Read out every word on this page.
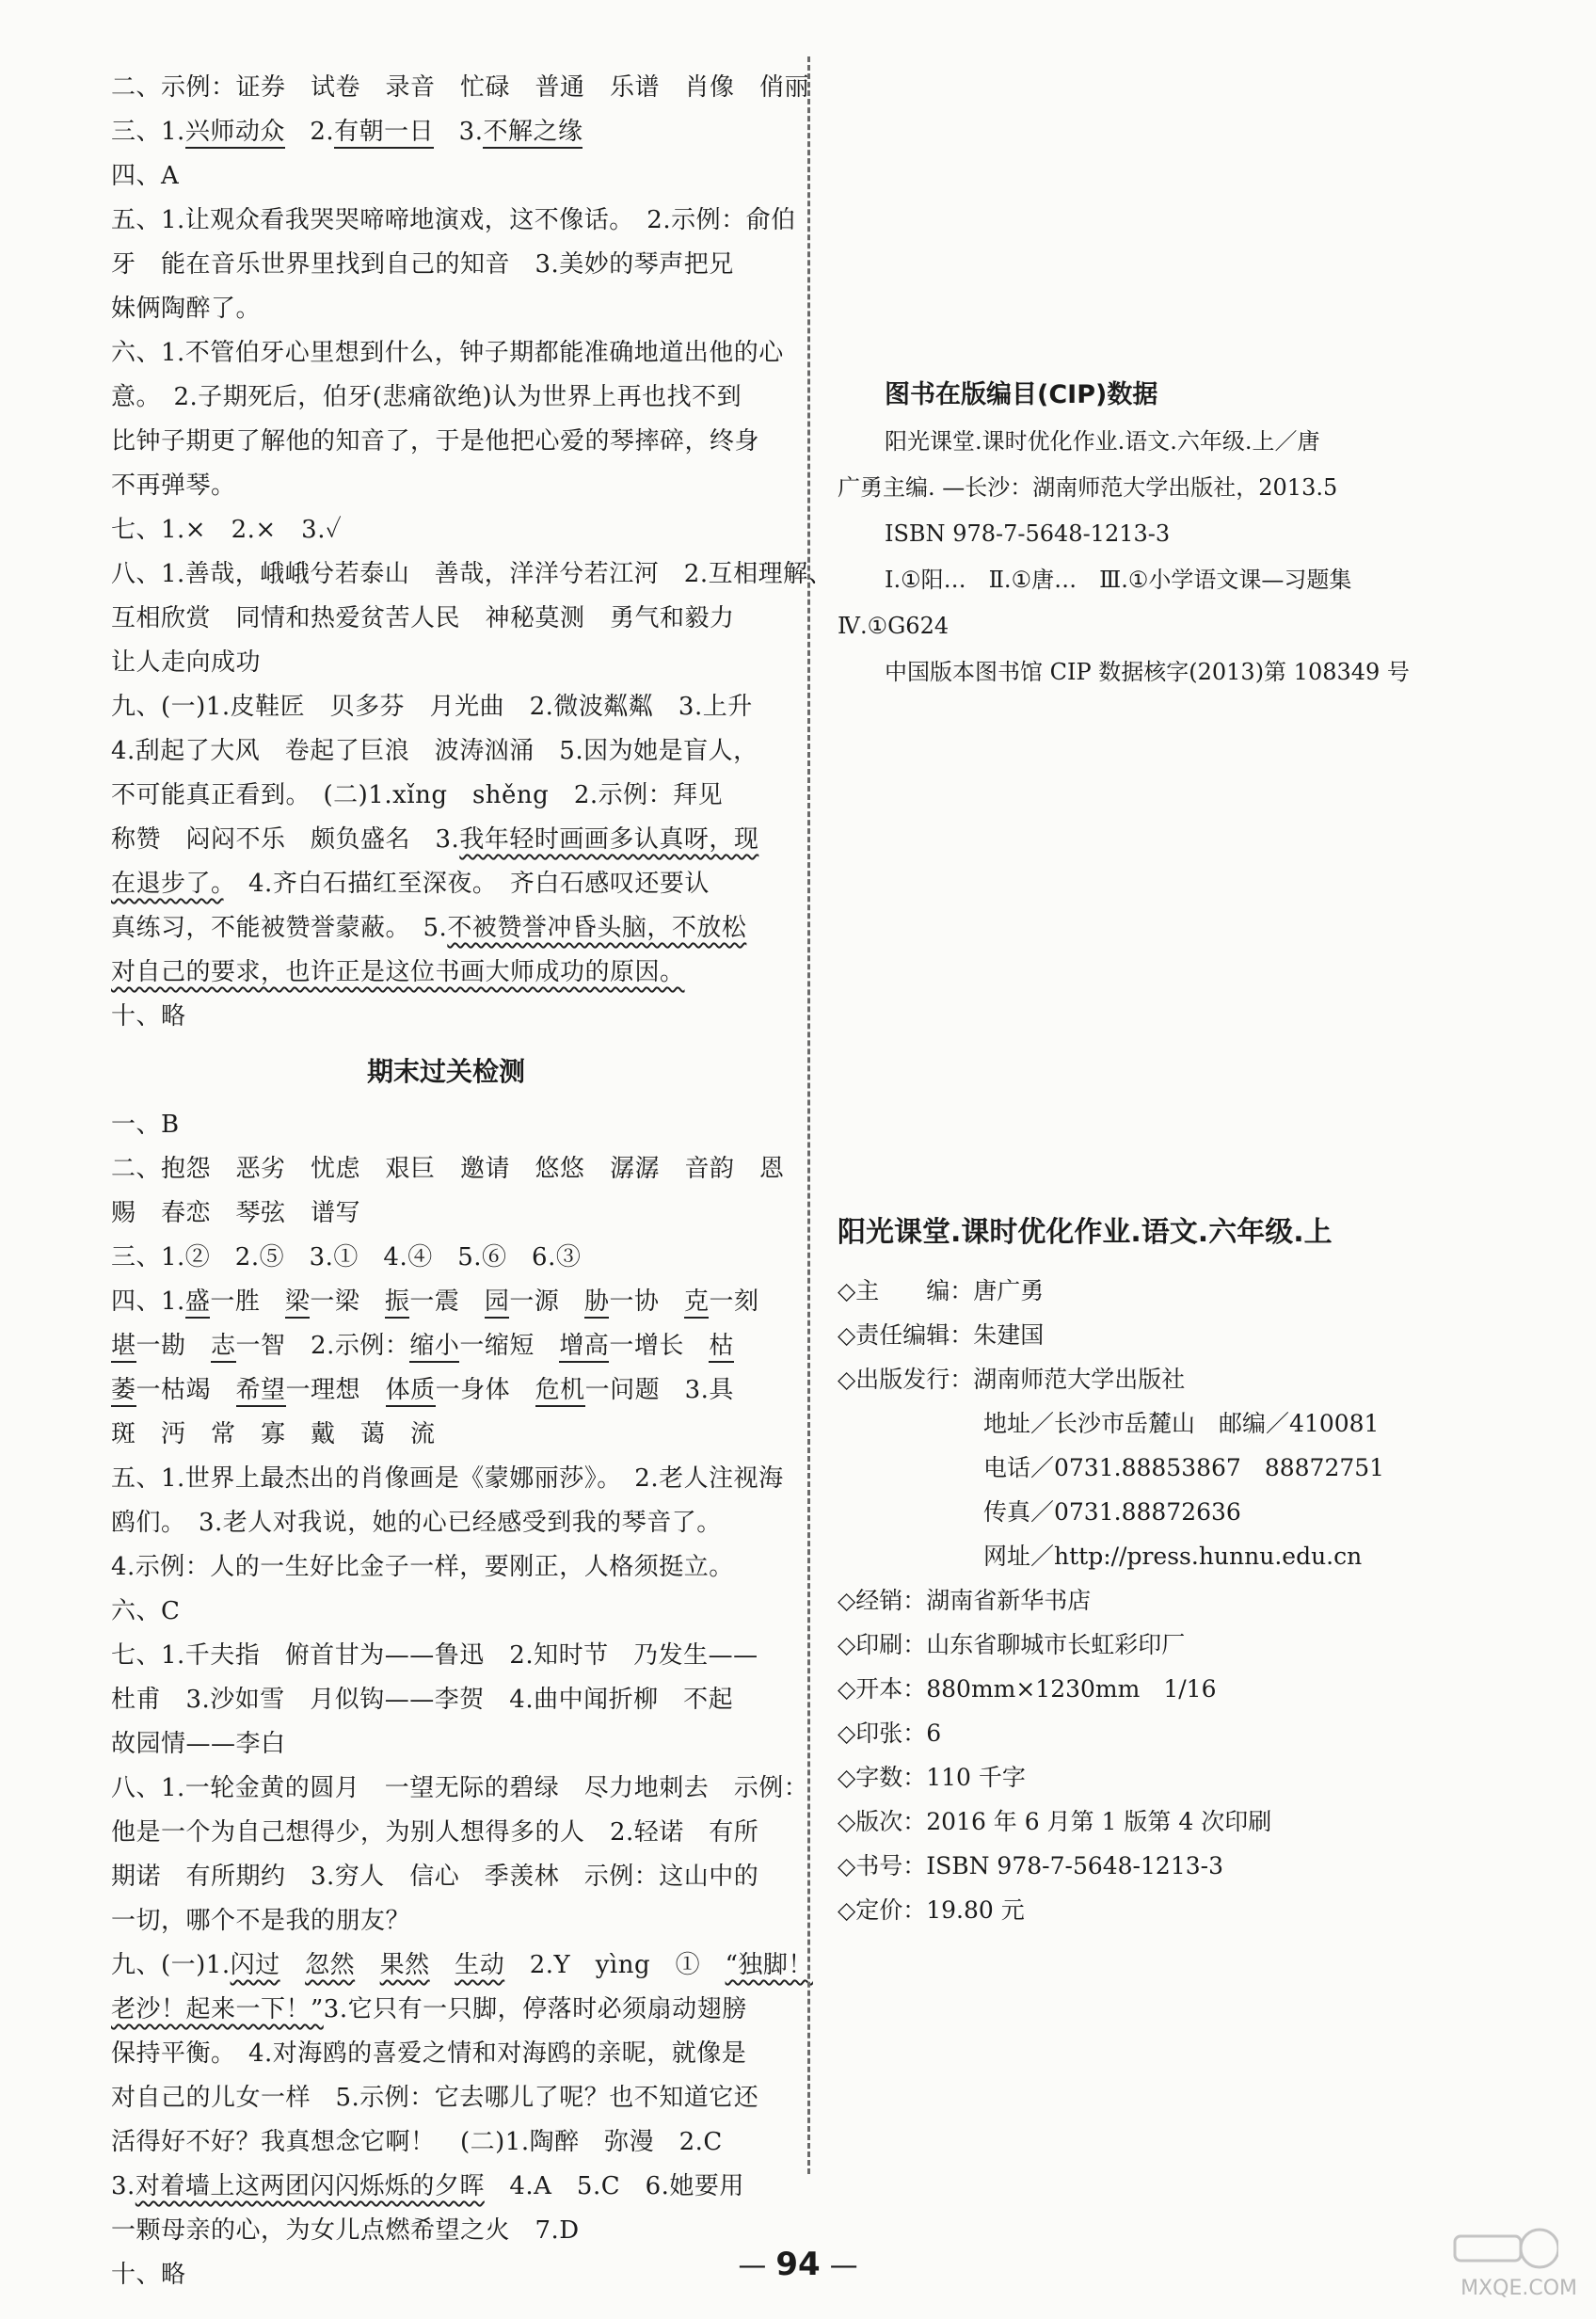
二、示例：证券　试卷　录音　忙碌　普通　乐谱　肖像　俏丽
三、1.兴师动众　2.有朝一日　3.不解之缘
四、A
五、1.让观众看我哭哭啼啼地演戏，这不像话。　2.示例：俞伯
牙　能在音乐世界里找到自己的知音　3.美妙的琴声把兄
妹俩陶醉了。
六、1.不管伯牙心里想到什么，钟子期都能准确地道出他的心
意。　2.子期死后，伯牙(悲痛欲绝)认为世界上再也找不到
比钟子期更了解他的知音了，于是他把心爱的琴摔碎，终身
不再弹琴。
七、1.×　2.×　3.✓
八、1.善哉，峨峨兮若泰山　善哉，洋洋兮若江河　2.互相理解、
互相欣赏　同情和热爱贫苦人民　神秘莫测　勇气和毅力
让人走向成功
九、(一)1.皮鞋匠　贝多芬　月光曲　2.微波粼粼　3.上升
4.刮起了大风　卷起了巨浪　波涛汹涌　5.因为她是盲人，
不可能真正看到。　(二)1.xǐng　shěng　2.示例：拜见
称赞　闷闷不乐　颇负盛名　3.我年轻时画画多认真呀，现
在退步了。　4.齐白石描红至深夜。　齐白石感叹还要认
真练习，不能被赞誉蒙蔽。　5.不被赞誉冲昏头脑，不放松
对自己的要求，也许正是这位书画大师成功的原因。
十、略
期末过关检测
一、B
二、抱怨　恶劣　忧虑　艰巨　邀请　悠悠　潺潺　音韵　恩
赐　春恋　琴弦　谱写
三、1.②　2.⑤　3.①　4.④　5.⑥　6.③
四、1.盛一胜　梁一梁　振一震　园一源　胁一协　克一刻
堪一勘　志一智　2.示例：缩小一缩短　增高一增长　枯
萎一枯竭　希望一理想　体质一身体　危机一问题　3.具
斑　沔　常　寡　戴　蔼　流
五、1.世界上最杰出的肖像画是《蒙娜丽莎》。　2.老人注视海
鸥们。　3.老人对我说，她的心已经感受到我的琴音了。
4.示例：人的一生好比金子一样，要刚正，人格须挺立。
六、C
七、1.千夫指　俯首甘为——鲁迅　2.知时节　乃发生——
杜甫　3.沙如雪　月似钩——李贺　4.曲中闻折柳　不起
故园情——李白
八、1.一轮金黄的圆月　一望无际的碧绿　尽力地刺去　示例：
他是一个为自己想得少，为别人想得多的人　2.轻诺　有所
期诺　有所期约　3.穷人　信心　季羡林　示例：这山中的
一切，哪个不是我的朋友？
九、(一)1.闪过　 忽然　 果然　 生动　2.Y　yìng　①　“独脚！
老沙！起来一下！”3.它只有一只脚，停落时必须扇动翅膀
保持平衡。　4.对海鸥的喜爱之情和对海鸥的亲昵，就像是
对自己的儿女一样　5.示例：它去哪儿了呢？也不知道它还
活得好不好？我真想念它啊！　(二)1.陶醉　弥漫　2.C
3.对着墙上这两团闪闪烁烁的夕晖　4.A　5.C　6.她要用
一颗母亲的心，为女儿点燃希望之火　7.D
十、略
图书在版编目(CIP)数据
阳光课堂.课时优化作业.语文.六年级.上／唐
广勇主编. —长沙：湖南师范大学出版社，2013.5
ISBN 978-7-5648-1213-3
Ⅰ.①阳…　Ⅱ.①唐…　Ⅲ.①小学语文课—习题集
Ⅳ.①G624
中国版本图书馆 CIP 数据核字(2013)第 108349 号
阳光课堂.课时优化作业.语文.六年级.上
◇主　　编：唐广勇
◇责任编辑：朱建国
◇出版发行：湖南师范大学出版社
地址／长沙市岳麓山　邮编／410081
电话／0731.88853867　88872751
传真／0731.88872636
网址／http://press.hunnu.edu.cn
◇经销：湖南省新华书店
◇印刷：山东省聊城市长虹彩印厂
◇开本：880mm×1230mm　1/16
◇印张：6
◇字数：110 千字
◇版次：2016 年 6 月第 1 版第 4 次印刷
◇书号：ISBN 978-7-5648-1213-3
◇定价：19.80 元
— 94 —
MXQE.COM
